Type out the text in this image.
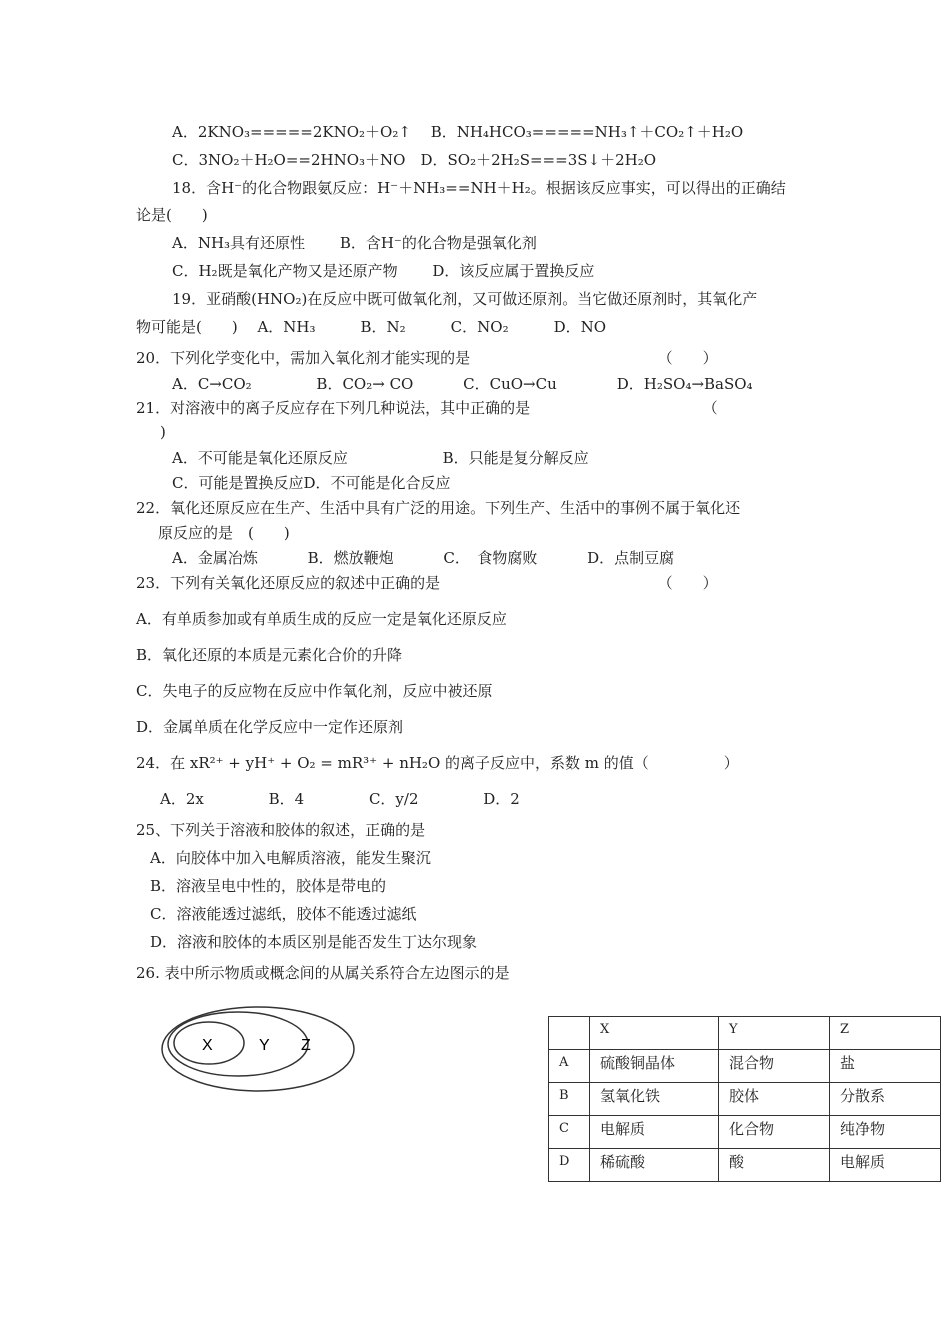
A．2KNO₃=====2KNO₂＋O₂↑　 B．NH₄HCO₃=====NH₃↑＋CO₂↑＋H₂O
C．3NO₂＋H₂O==2HNO₃＋NO　D．SO₂＋2H₂S===3S↓＋2H₂O
18．含H⁻的化合物跟氨反应：H⁻＋NH₃==NH＋H₂。根据该反应事实，可以得出的正确结
论是(　　)
A．NH₃具有还原性　　 B．含H⁻的化合物是强氧化剂
C．H₂既是氧化产物又是还原产物　　 D．该反应属于置换反应
19．亚硝酸(HNO₂)在反应中既可做氧化剂，又可做还原剂。当它做还原剂时，其氧化产
物可能是(　　)　 A．NH₃　　　B．N₂　　　C．NO₂　　　D．NO
20．下列化学变化中，需加入氧化剂才能实现的是　　　　　　　　　　　　　（　　）
A．C→CO₂　　　　 B．CO₂→ CO　　　 C．CuO→Cu　　　　D．H₂SO₄→BaSO₄
21．对溶液中的离子反应存在下列几种说法，其中正确的是　　　　　　　　　　　　（
)
A．不可能是氧化还原反应　　　　　　 B．只能是复分解反应
C．可能是置换反应D．不可能是化合反应
22．氧化还原反应在生产、生活中具有广泛的用途。下列生产、生活中的事例不属于氧化还
原反应的是　(　　)
A．金属冶炼　　　 B．燃放鞭炮　　　 C．　食物腐败　　　 D．点制豆腐
23．下列有关氧化还原反应的叙述中正确的是　　　　　　　　　　　　　　　（　　）
A．有单质参加或有单质生成的反应一定是氧化还原反应
B．氧化还原的本质是元素化合价的升降
C．失电子的反应物在反应中作氧化剂，反应中被还原
D．金属单质在化学反应中一定作还原剂
24．在 xR²⁺ + yH⁺ + O₂ = mR³⁺ + nH₂O 的离子反应中，系数 m 的值（　　　　　）
A．2x　　　　 B．4　　　　 C．y/2　　　　 D．2
25、下列关于溶液和胶体的叙述，正确的是
A．向胶体中加入电解质溶液，能发生聚沉
B．溶液呈电中性的，胶体是带电的
C．溶液能透过滤纸，胶体不能透过滤纸
D．溶液和胶体的本质区别是能否发生丁达尔现象
26. 表中所示物质或概念间的从属关系符合左边图示的是
X	Y Z
	X	Y	Z
A	硫酸铜晶体	混合物	盐
B	氢氧化铁	胶体	分散系
C	电解质	化合物	纯净物
D	稀硫酸	酸	电解质
